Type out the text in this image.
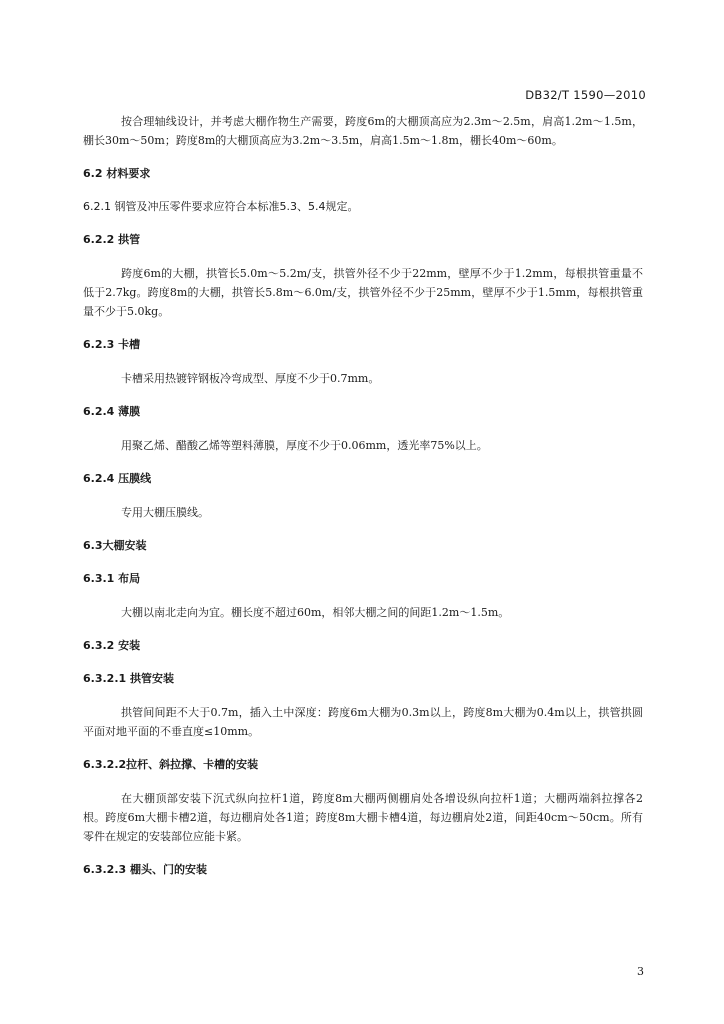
DB32/T 1590—2010

按合理轴线设计，并考虑大棚作物生产需要，跨度6m的大棚顶高应为2.3m～2.5m，肩高1.2m～1.5m，棚长30m～50m；跨度8m的大棚顶高应为3.2m～3.5m，肩高1.5m～1.8m，棚长40m～60m。

6.2 材料要求

6.2.1 钢管及冲压零件要求应符合本标准5.3、5.4规定。

6.2.2 拱管

跨度6m的大棚，拱管长5.0m～5.2m/支，拱管外径不少于22mm，壁厚不少于1.2mm，每根拱管重量不低于2.7kg。跨度8m的大棚，拱管长5.8m～6.0m/支，拱管外径不少于25mm，壁厚不少于1.5mm，每根拱管重量不少于5.0kg。

6.2.3 卡槽

卡槽采用热镀锌钢板冷弯成型、厚度不少于0.7mm。

6.2.4 薄膜

用聚乙烯、醋酸乙烯等塑料薄膜，厚度不少于0.06mm，透光率75%以上。

6.2.4 压膜线

专用大棚压膜线。

6.3大棚安装

6.3.1 布局

大棚以南北走向为宜。棚长度不超过60m，相邻大棚之间的间距1.2m～1.5m。

6.3.2 安装

6.3.2.1 拱管安装

拱管间间距不大于0.7m，插入土中深度：跨度6m大棚为0.3m以上，跨度8m大棚为0.4m以上，拱管拱圆平面对地平面的不垂直度≤10mm。

6.3.2.2拉杆、斜拉撑、卡槽的安装

在大棚顶部安装下沉式纵向拉杆1道，跨度8m大棚两侧棚肩处各增设纵向拉杆1道；大棚两端斜拉撑各2根。跨度6m大棚卡槽2道，每边棚肩处各1道；跨度8m大棚卡槽4道，每边棚肩处2道，间距40cm～50cm。所有零件在规定的安装部位应能卡紧。

6.3.2.3 棚头、门的安装

3
